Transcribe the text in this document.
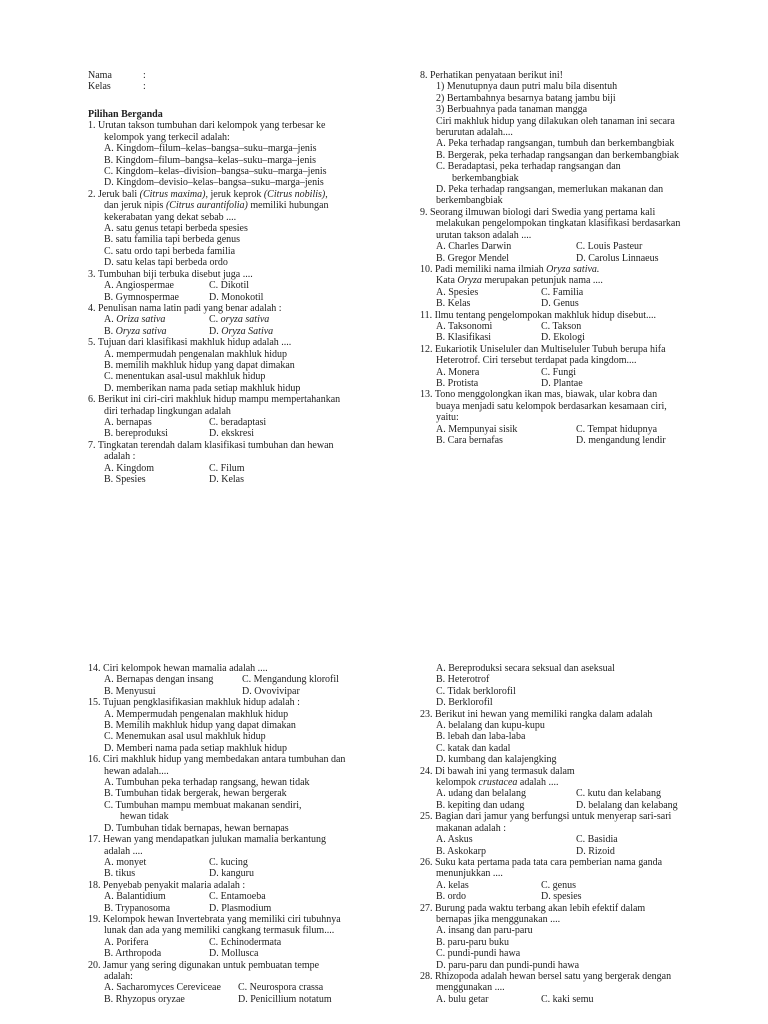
Nama	:
Kelas	:
Pilihan Berganda
1. Urutan takson tumbuhan dari kelompok yang terbesar ke
kelompok yang terkecil adalah:
A. Kingdom–filum–kelas–bangsa–suku–marga–jenis
B. Kingdom–filum–bangsa–kelas–suku–marga–jenis
C. Kingdom–kelas–division–bangsa–suku–marga–jenis
D. Kingdom–devisio–kelas–bangsa–suku–marga–jenis
2. Jeruk bali (Citrus maxima), jeruk keprok (Citrus nobilis),
dan jeruk nipis (Citrus aurantifolia) memiliki hubungan
kekerabatan yang dekat sebab ....
A. satu genus tetapi berbeda spesies
B. satu familia tapi berbeda genus
C. satu ordo tapi berbeda familia
D. satu kelas tapi berbeda ordo
3. Tumbuhan biji terbuka disebut juga ....
A. Angiospermae	C. Dikotil
B. Gymnospermae	D. Monokotil
4. Penulisan nama latin padi yang benar adalah :
A. Oriza sativa	C. oryza sativa
B. Oryza sativa	D. Oryza Sativa
5. Tujuan dari klasifikasi makhluk hidup adalah ....
A. mempermudah pengenalan makhluk hidup
B. memilih makhluk hidup yang dapat dimakan
C. menentukan asal-usul makhluk hidup
D. memberikan nama pada setiap makhluk hidup
6. Berikut ini ciri-ciri makhluk hidup mampu mempertahankan
diri terhadap lingkungan adalah
A. bernapas	C. beradaptasi
B. bereproduksi	D. ekskresi
7. Tingkatan terendah dalam klasifikasi tumbuhan dan hewan
adalah :
A. Kingdom	C. Filum
B. Spesies	D. Kelas
8. Perhatikan penyataan berikut ini!
1) Menutupnya daun putri malu bila disentuh
2) Bertambahnya besarnya batang jambu biji
3) Berbuahnya pada tanaman mangga
Ciri makhluk hidup yang dilakukan oleh tanaman ini secara
berurutan adalah....
A. Peka terhadap rangsangan, tumbuh dan berkembangbiak
B. Bergerak, peka terhadap rangsangan dan berkembangbiak
C. Beradaptasi, peka terhadap rangsangan dan
berkembangbiak
D. Peka terhadap rangsangan, memerlukan makanan dan
berkembangbiak
9. Seorang ilmuwan biologi dari Swedia yang pertama kali
melakukan pengelompokan tingkatan klasifikasi berdasarkan
urutan takson adalah ....
A. Charles Darwin	C. Louis Pasteur
B. Gregor Mendel	D. Carolus Linnaeus
10. Padi memiliki nama ilmiah Oryza sativa.
Kata Oryza merupakan petunjuk nama ....
A. Spesies	C. Familia
B. Kelas	D. Genus
11. Ilmu tentang pengelompokan makhluk hidup disebut....
A. Taksonomi	C. Takson
B. Klasifikasi	D. Ekologi
12. Eukariotik Uniseluler dan Multiseluler Tubuh berupa hifa
Heterotrof. Ciri tersebut terdapat pada kingdom....
A. Monera	C. Fungi
B. Protista	D. Plantae
13. Tono menggolongkan ikan mas, biawak, ular kobra dan
buaya menjadi satu kelompok berdasarkan kesamaan ciri,
yaitu:
A. Mempunyai sisik	C. Tempat hidupnya
B. Cara bernafas	D. mengandung lendir
14. Ciri kelompok hewan mamalia adalah ....
A. Bernapas dengan insang	C. Mengandung klorofil
B. Menyusui	D. Ovovivipar
15. Tujuan pengklasifikasian makhluk hidup adalah :
A. Mempermudah pengenalan makhluk hidup
B. Memilih makhluk hidup yang dapat dimakan
C. Menemukan asal usul makhluk hidup
D. Memberi nama pada setiap makhluk hidup
16. Ciri makhluk hidup yang membedakan antara tumbuhan dan
hewan adalah....
A. Tumbuhan peka terhadap rangsang, hewan tidak
B. Tumbuhan tidak bergerak, hewan bergerak
C. Tumbuhan mampu membuat makanan sendiri,
hewan tidak
D. Tumbuhan tidak bernapas, hewan bernapas
17. Hewan yang mendapatkan julukan mamalia berkantung
adalah ....
A. monyet	C. kucing
B. tikus	D. kanguru
18. Penyebab penyakit malaria adalah :
A. Balantidium	C. Entamoeba
B. Trypanosoma	D. Plasmodium
19. Kelompok hewan Invertebrata yang memiliki ciri tubuhnya
lunak dan ada yang memiliki cangkang termasuk filum....
A. Porifera	C. Echinodermata
B. Arthropoda	D. Mollusca
20. Jamur yang sering digunakan untuk pembuatan tempe
adalah:
A. Sacharomyces Cereviceae	C. Neurospora crassa
B. Rhyzopus oryzae	D. Penicillium notatum
A. Bereproduksi secara seksual dan aseksual
B. Heterotrof
C. Tidak berklorofil
D. Berklorofil
23. Berikut ini hewan yang memiliki rangka dalam adalah
A. belalang dan kupu-kupu
B. lebah dan laba-laba
C. katak dan kadal
D. kumbang dan kalajengking
24. Di bawah ini yang termasuk dalam
kelompok crustacea adalah ....
A. udang dan belalang	C. kutu dan kelabang
B. kepiting dan udang	D. belalang dan kelabang
25. Bagian dari jamur yang berfungsi untuk menyerap sari-sari
makanan adalah :
A. Askus	C. Basidia
B. Askokarp	D. Rizoid
26. Suku kata pertama pada tata cara pemberian nama ganda
menunjukkan ....
A. kelas	C. genus
B. ordo	D. spesies
27. Burung pada waktu terbang akan lebih efektif dalam
bernapas jika menggunakan ....
A. insang dan paru-paru
B. paru-paru buku
C. pundi-pundi hawa
D. paru-paru dan pundi-pundi hawa
28. Rhizopoda adalah hewan bersel satu yang bergerak dengan
menggunakan ....
A. bulu getar	C. kaki semu
